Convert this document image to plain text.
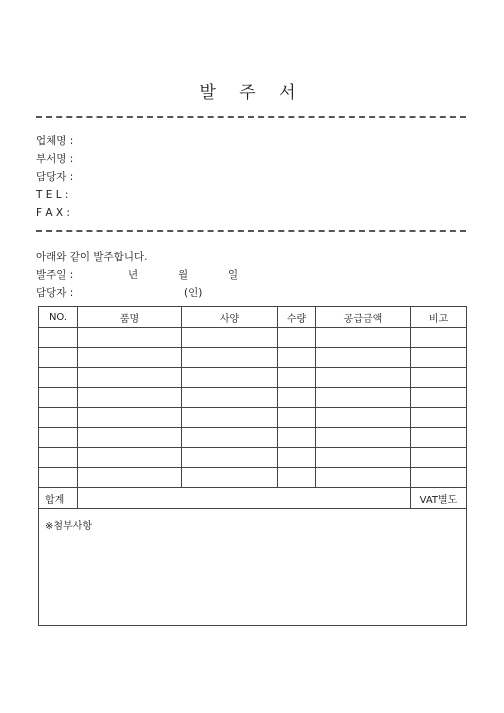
발 주 서
업체명 :
부서명 :
담당자 :
T E L :
F A X :
아래와 같이 발주합니다.
발주일 :	년	월	일
담당자 :	(인)
NO.	품명	사양	수량	공급금액	비고

합계					VAT별도
※첨부사항					
